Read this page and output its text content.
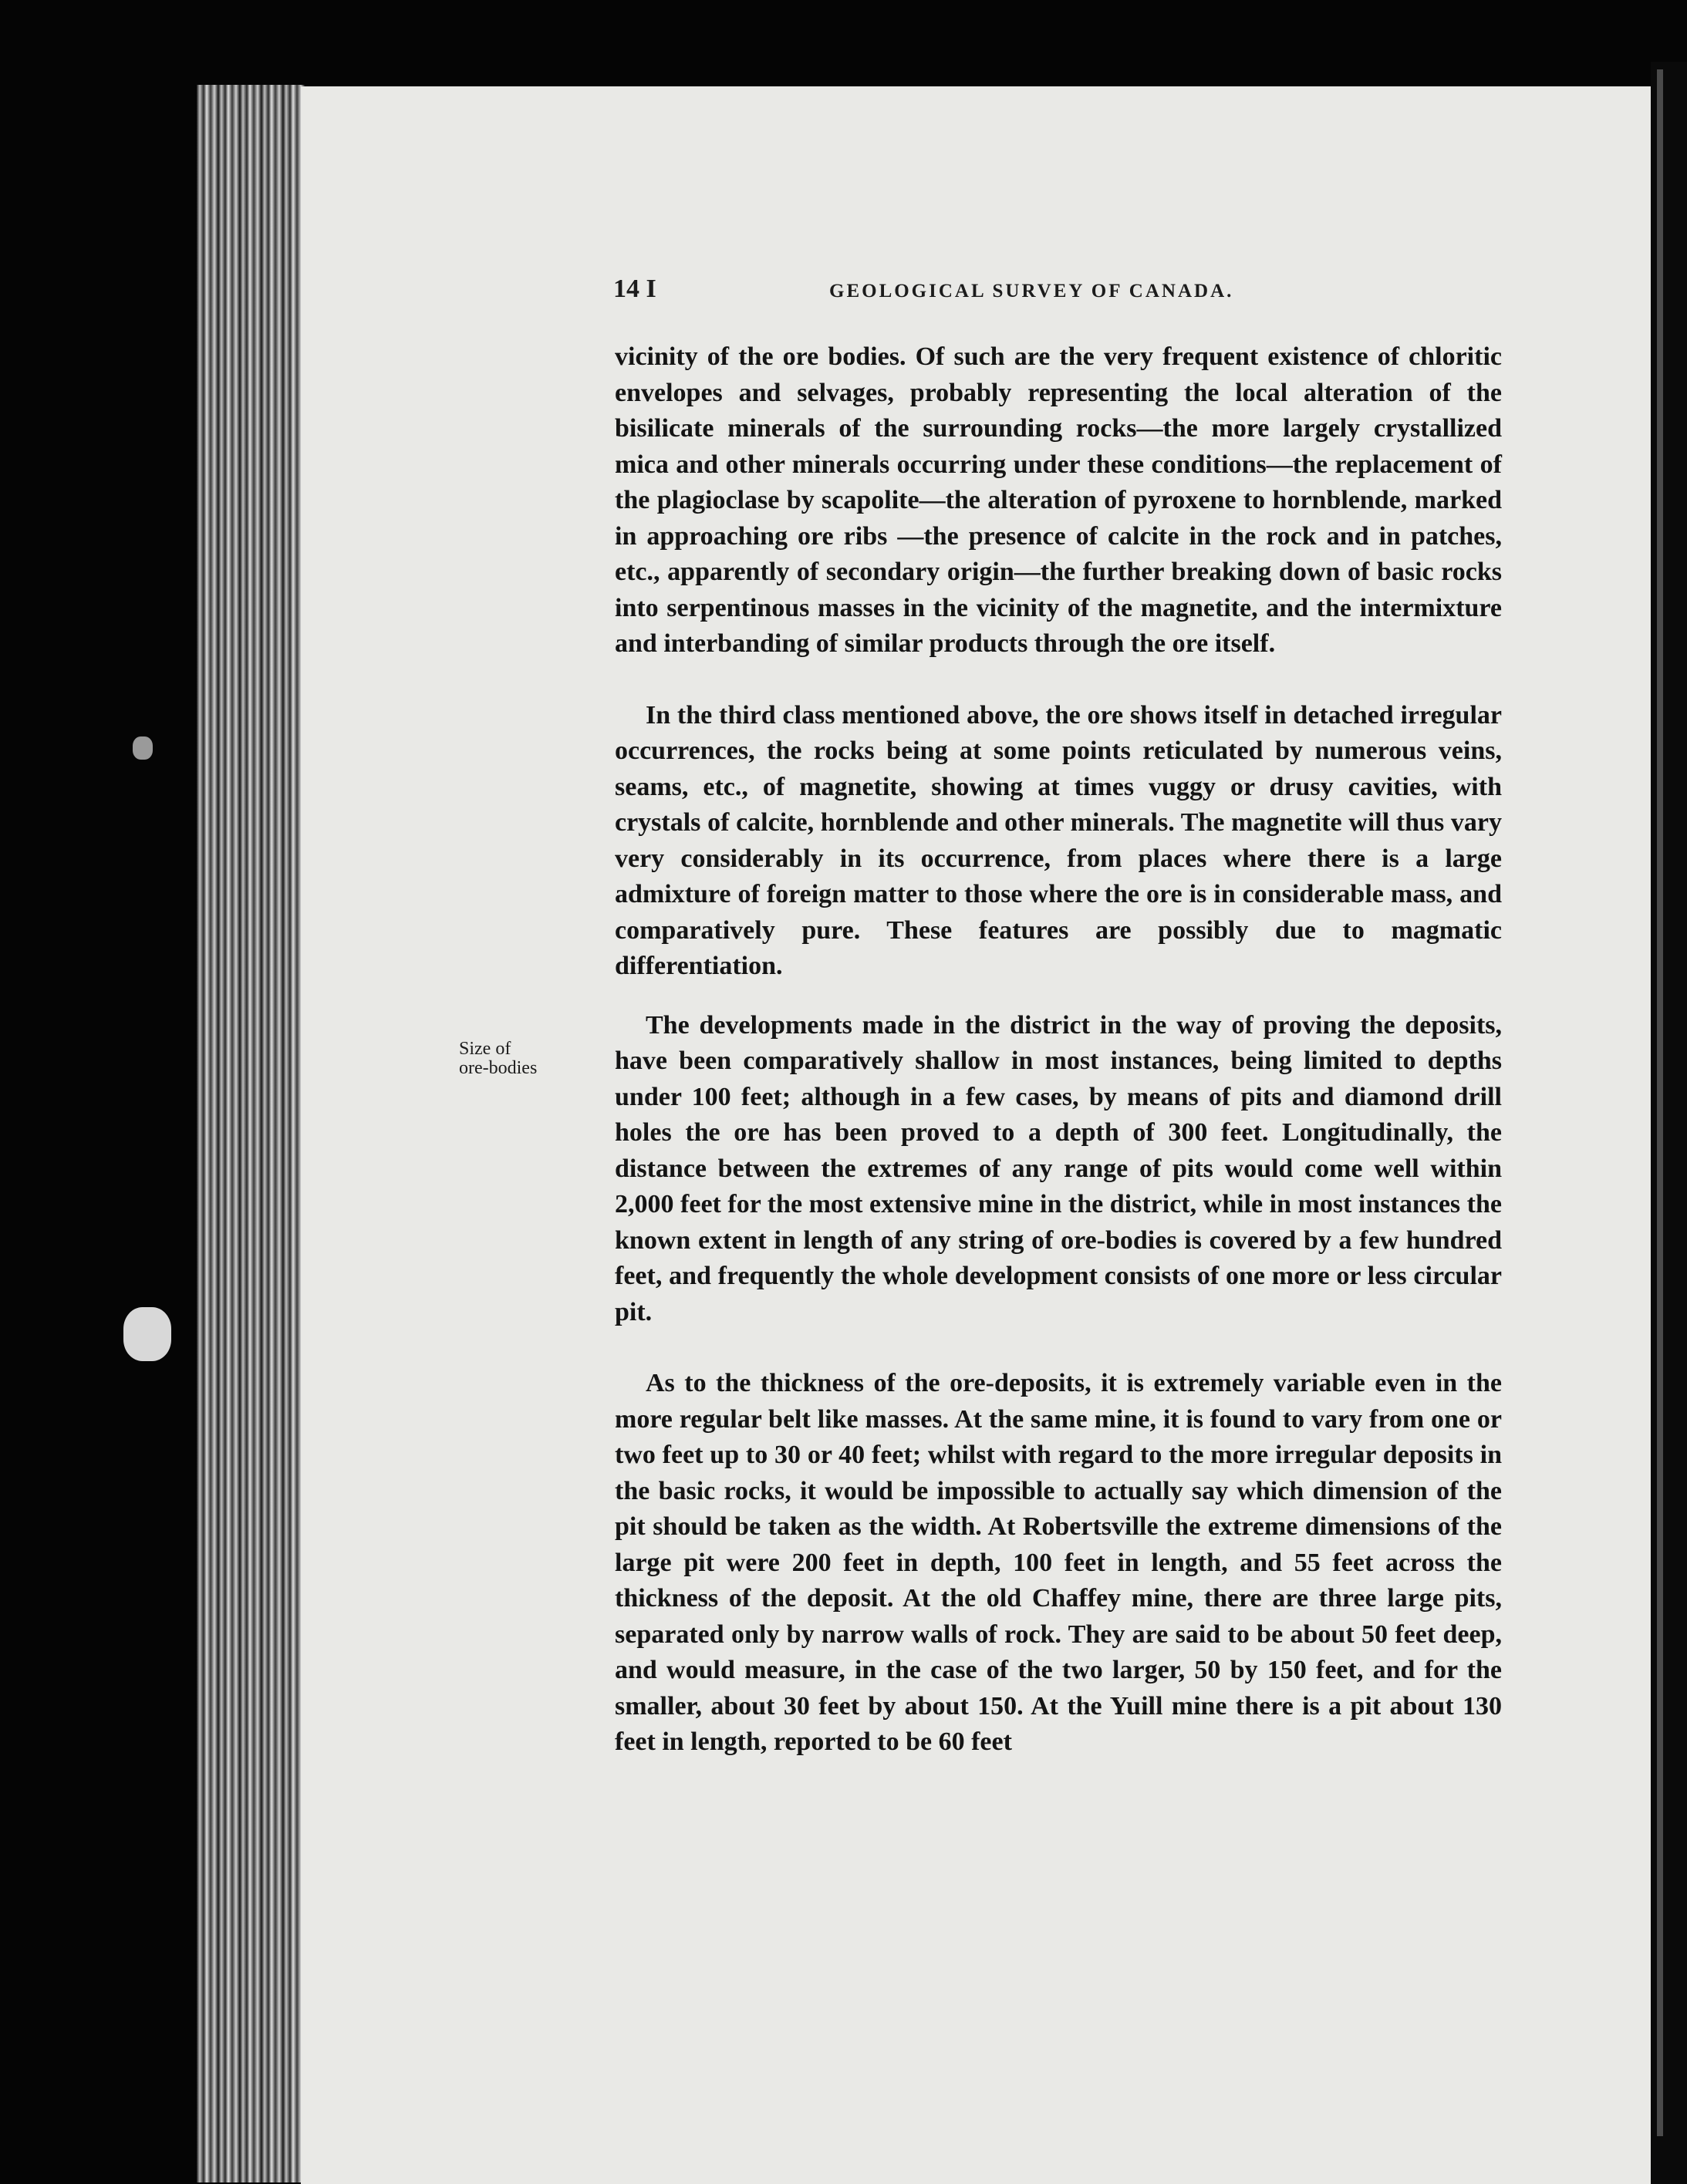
14 I	GEOLOGICAL SURVEY OF CANADA.
Size of
ore-bodies

vicinity of the ore bodies. Of such are the very frequent existence of chloritic envelopes and selvages, probably representing the local alteration of the bisilicate minerals of the surrounding rocks—the more largely crystallized mica and other minerals occurring under these conditions—the replacement of the plagioclase by scapolite—the alteration of pyroxene to hornblende, marked in approaching ore ribs —the presence of calcite in the rock and in patches, etc., apparently of secondary origin—the further breaking down of basic rocks into serpentinous masses in the vicinity of the magnetite, and the intermixture and interbanding of similar products through the ore itself.

In the third class mentioned above, the ore shows itself in detached irregular occurrences, the rocks being at some points reticulated by numerous veins, seams, etc., of magnetite, showing at times vuggy or drusy cavities, with crystals of calcite, hornblende and other minerals. The magnetite will thus vary very considerably in its occurrence, from places where there is a large admixture of foreign matter to those where the ore is in considerable mass, and comparatively pure. These features are possibly due to magmatic differentiation.

The developments made in the district in the way of proving the deposits, have been comparatively shallow in most instances, being limited to depths under 100 feet; although in a few cases, by means of pits and diamond drill holes the ore has been proved to a depth of 300 feet. Longitudinally, the distance between the extremes of any range of pits would come well within 2,000 feet for the most extensive mine in the district, while in most instances the known extent in length of any string of ore-bodies is covered by a few hundred feet, and frequently the whole development consists of one more or less circular pit.

As to the thickness of the ore-deposits, it is extremely variable even in the more regular belt like masses. At the same mine, it is found to vary from one or two feet up to 30 or 40 feet; whilst with regard to the more irregular deposits in the basic rocks, it would be impossible to actually say which dimension of the pit should be taken as the width. At Robertsville the extreme dimensions of the large pit were 200 feet in depth, 100 feet in length, and 55 feet across the thickness of the deposit. At the old Chaffey mine, there are three large pits, separated only by narrow walls of rock. They are said to be about 50 feet deep, and would measure, in the case of the two larger, 50 by 150 feet, and for the smaller, about 30 feet by about 150. At the Yuill mine there is a pit about 130 feet in length, reported to be 60 feet
